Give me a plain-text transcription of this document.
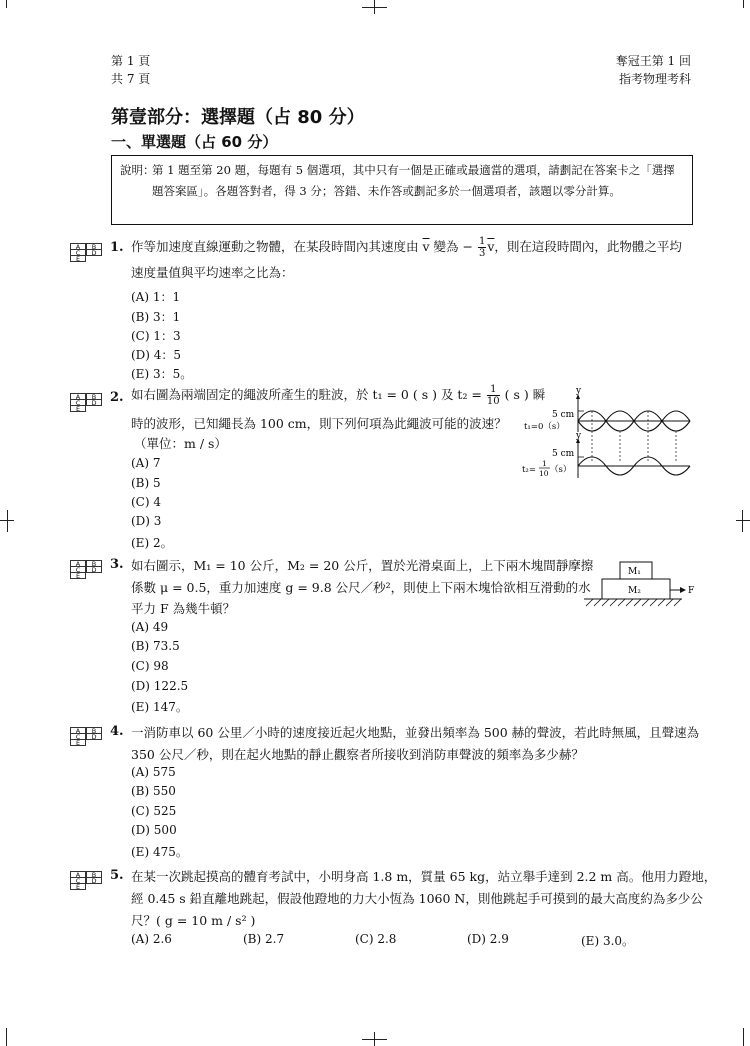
第 1 頁
共 7 頁
奪冠王第 1 回
指考物理考科
第壹部分：選擇題（占 80 分）
一、單選題（占 60 分）
說明：
第 1 題至第 20 題，每題有 5 個選項，其中只有一個是正確或最適當的選項，請劃記在答案卡之「選擇題答案區」。各題答對者，得 3 分；答錯、未作答或劃記多於一個選項者，該題以零分計算。
A	B
C	D
E
1. 作等加速度直線運動之物體，在某段時間內其速度由 $\overline{v}$ 變為 − $\frac{1}{3} \overline{v}$，則在這段時間內，此物體之平均
速度量值與平均速率之比為：
(A) 1：1
(B) 3：1
(C) 1：3
(D) 4：5
(E) 3：5。
A	B
C	D
E
2. 如右圖為兩端固定的繩波所產生的駐波，於 t₁ = 0 ( s ) 及 $t_2 = \frac{1}{10}$ ( s ) 瞬
時的波形，已知繩長為 100 cm，則下列何項為此繩波可能的波速？
（單位：m / s）
(A) 7
(B) 5
(C) 4
(D) 3
(E) 2。
y
5 cm
t₁=0（s）
y
5 cm
t₂=
1
10 （s）
A	B
C	D
E
3. 如右圖示，M₁ = 10 公斤，M₂ = 20 公斤，置於光滑桌面上，上下兩木塊間靜摩擦
係數 μ = 0.5，重力加速度 g = 9.8 公尺／秒²，則使上下兩木塊恰欲相互滑動的水
平力 F 為幾牛頓？
(A) 49
(B) 73.5
(C) 98
(D) 122.5
(E) 147。
M₁
M₂	F
A	B
C	D
E
4. 一消防車以 60 公里／小時的速度接近起火地點，並發出頻率為 500 赫的聲波，若此時無風，且聲速為
350 公尺／秒，則在起火地點的靜止觀察者所接收到消防車聲波的頻率為多少赫？
(A) 575
(B) 550
(C) 525
(D) 500
(E) 475。
A	B
C	D
E
5. 在某一次跳起摸高的體育考試中，小明身高 1.8 m，質量 65 kg，站立舉手達到 2.2 m 高。他用力蹬地，
經 0.45 s 鉛直離地跳起，假設他蹬地的力大小恆為 1060 N，則他跳起手可摸到的最大高度約為多少公
尺？( g = 10 m / s² )
(A) 2.6	(B) 2.7	(C) 2.8	(D) 2.9	(E) 3.0。
